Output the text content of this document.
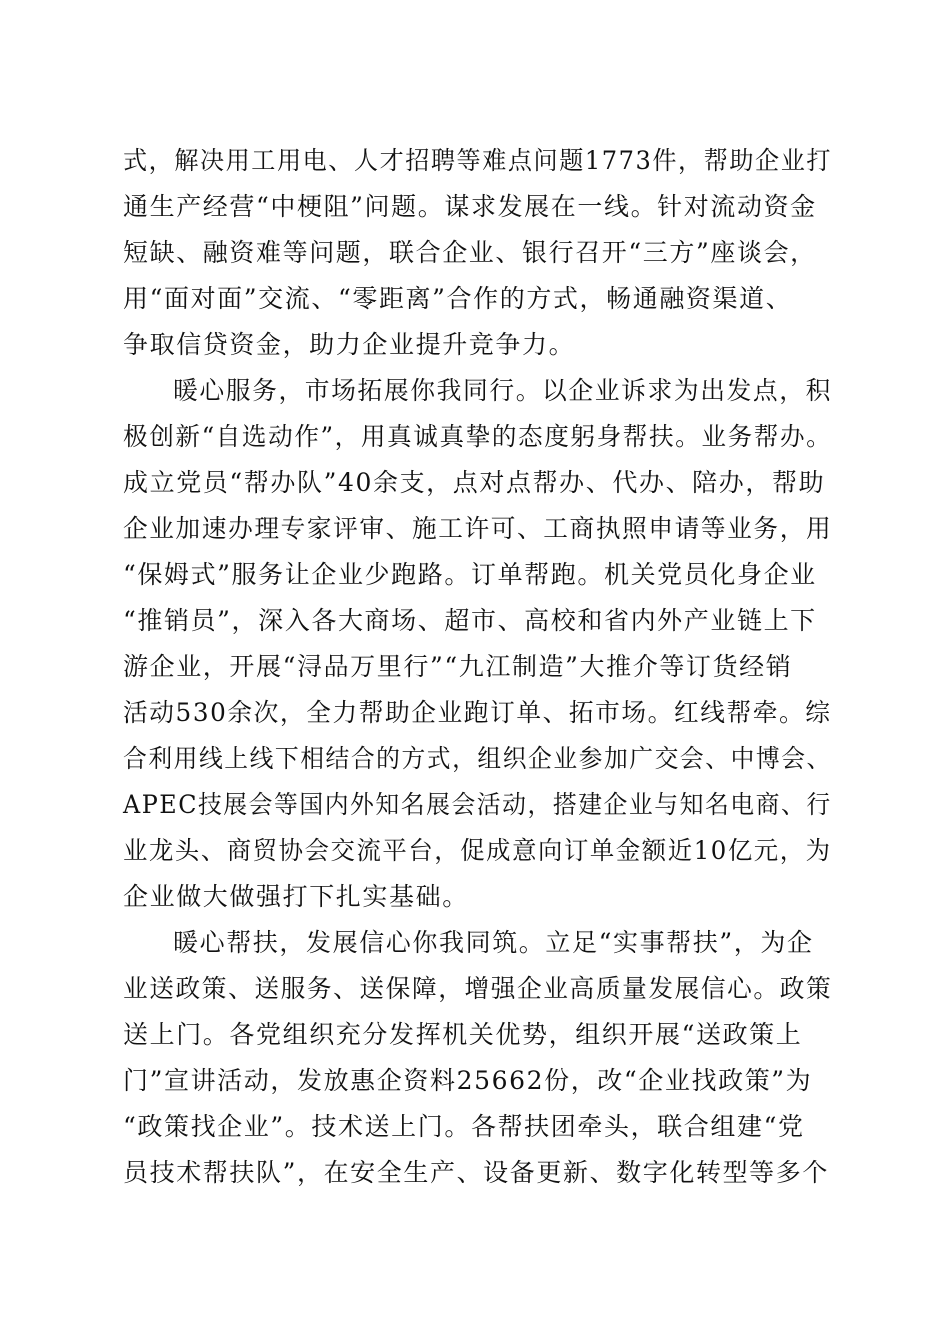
式，解决用工用电、人才招聘等难点问题1773件，帮助企业打
通生产经营“中梗阻”问题。谋求发展在一线。针对流动资金
短缺、融资难等问题，联合企业、银行召开“三方”座谈会，
用“面对面”交流、“零距离”合作的方式，畅通融资渠道、
争取信贷资金，助力企业提升竞争力。
暖心服务，市场拓展你我同行。以企业诉求为出发点，积
极创新“自选动作”，用真诚真挚的态度躬身帮扶。业务帮办。
成立党员“帮办队”40余支，点对点帮办、代办、陪办，帮助
企业加速办理专家评审、施工许可、工商执照申请等业务，用
“保姆式”服务让企业少跑路。订单帮跑。机关党员化身企业
“推销员”，深入各大商场、超市、高校和省内外产业链上下
游企业，开展“浔品万里行”“九江制造”大推介等订货经销
活动530余次，全力帮助企业跑订单、拓市场。红线帮牵。综
合利用线上线下相结合的方式，组织企业参加广交会、中博会、
APEC技展会等国内外知名展会活动，搭建企业与知名电商、行
业龙头、商贸协会交流平台，促成意向订单金额近10亿元，为
企业做大做强打下扎实基础。
暖心帮扶，发展信心你我同筑。立足“实事帮扶”，为企
业送政策、送服务、送保障，增强企业高质量发展信心。政策
送上门。各党组织充分发挥机关优势，组织开展“送政策上
门”宣讲活动，发放惠企资料25662份，改“企业找政策”为
“政策找企业”。技术送上门。各帮扶团牵头，联合组建“党
员技术帮扶队”，在安全生产、设备更新、数字化转型等多个
